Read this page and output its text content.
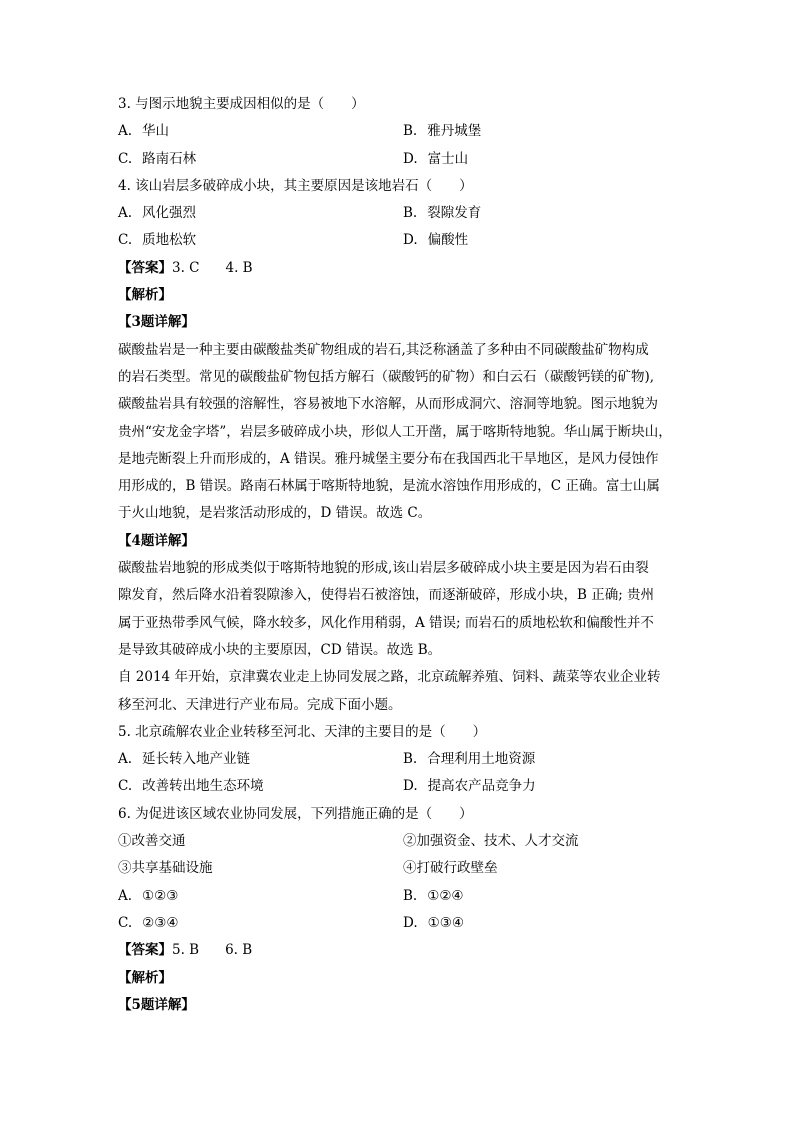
3. 与图示地貌主要成因相似的是（　　）
A. 华山	B. 雅丹城堡
C. 路南石林	D. 富士山
4. 该山岩层多破碎成小块，其主要原因是该地岩石（　　）
A. 风化强烈	B. 裂隙发育
C. 质地松软	D. 偏酸性
【答案】3. C 4. B
【解析】
【3题详解】

碳酸盐岩是一种主要由碳酸盐类矿物组成的岩石,其泛称涵盖了多种由不同碳酸盐矿物构成

的岩石类型。常见的碳酸盐矿物包括方解石（碳酸钙的矿物）和白云石（碳酸钙镁的矿物),

碳酸盐岩具有较强的溶解性，容易被地下水溶解，从而形成洞穴、溶洞等地貌。图示地貌为

贵州“安龙金字塔”，岩层多破碎成小块，形似人工开凿，属于喀斯特地貌。华山属于断块山，

是地壳断裂上升而形成的，A 错误。雅丹城堡主要分布在我国西北干旱地区，是风力侵蚀作

用形成的，B 错误。路南石林属于喀斯特地貌，是流水溶蚀作用形成的，C 正确。富士山属

于火山地貌，是岩浆活动形成的，D 错误。故选 C。

【4题详解】

碳酸盐岩地貌的形成类似于喀斯特地貌的形成,该山岩层多破碎成小块主要是因为岩石由裂

隙发育，然后降水沿着裂隙渗入，使得岩石被溶蚀，而逐渐破碎，形成小块，B 正确; 贵州

属于亚热带季风气候，降水较多，风化作用稍弱，A 错误; 而岩石的质地松软和偏酸性并不

是导致其破碎成小块的主要原因，CD 错误。故选 B。

自 2014 年开始，京津冀农业走上协同发展之路，北京疏解养殖、饲料、蔬菜等农业企业转

移至河北、天津进行产业布局。完成下面小题。

5. 北京疏解农业企业转移至河北、天津的主要目的是（　　）
A. 延长转入地产业链	B. 合理利用土地资源
C. 改善转出地生态环境	D. 提高农产品竞争力
6. 为促进该区域农业协同发展，下列措施正确的是（　　）
①改善交通	②加强资金、技术、人才交流
③共享基础设施	④打破行政壁垒
A. ①②③	B. ①②④
C. ②③④	D. ①③④
【答案】5. B 6. B
【解析】
【5题详解】
